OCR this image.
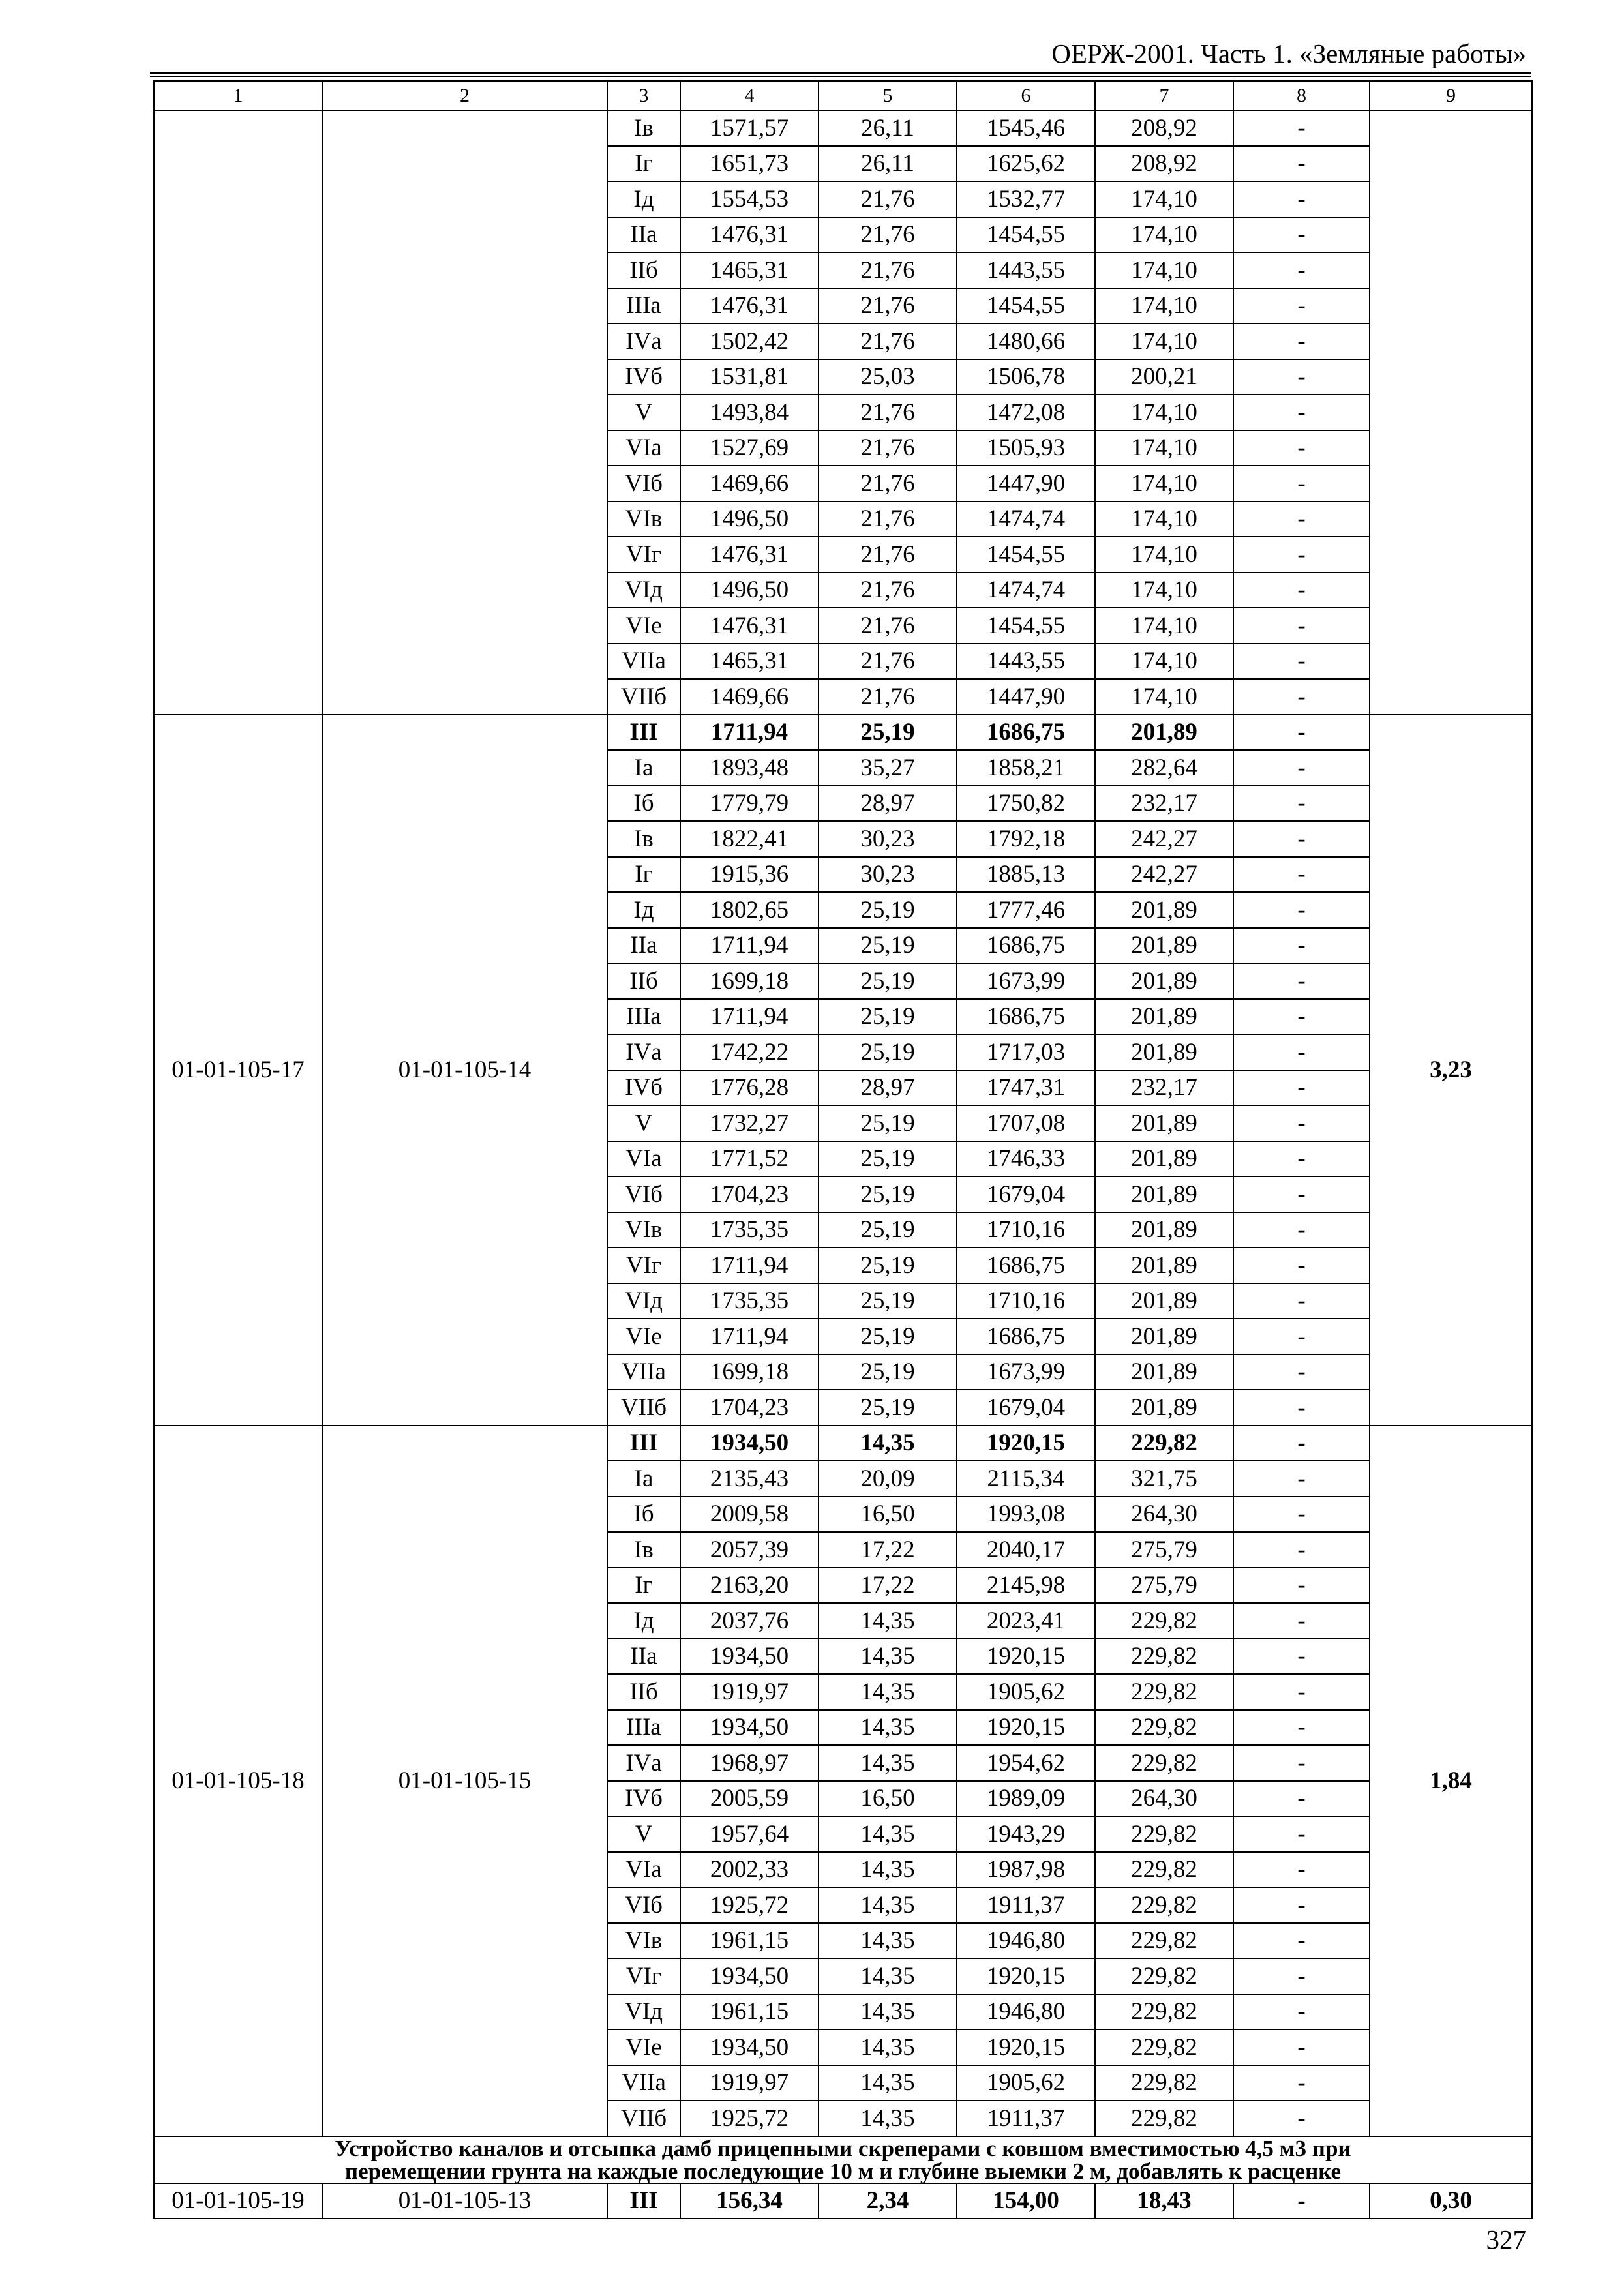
ОЕРЖ-2001. Часть 1. «Земляные работы»
1	2	3	4	5	6	7	8	9
		Iв	1571,57	26,11	1545,46	208,92	-	
		Iг	1651,73	26,11	1625,62	208,92	-	
		Iд	1554,53	21,76	1532,77	174,10	-	
		IIа	1476,31	21,76	1454,55	174,10	-	
		IIб	1465,31	21,76	1443,55	174,10	-	
		IIIа	1476,31	21,76	1454,55	174,10	-	
		IVа	1502,42	21,76	1480,66	174,10	-	
		IVб	1531,81	25,03	1506,78	200,21	-	
		V	1493,84	21,76	1472,08	174,10	-	
		VIа	1527,69	21,76	1505,93	174,10	-	
		VIб	1469,66	21,76	1447,90	174,10	-	
		VIв	1496,50	21,76	1474,74	174,10	-	
		VIг	1476,31	21,76	1454,55	174,10	-	
		VIд	1496,50	21,76	1474,74	174,10	-	
		VIе	1476,31	21,76	1454,55	174,10	-	
		VIIа	1465,31	21,76	1443,55	174,10	-	
		VIIб	1469,66	21,76	1447,90	174,10	-	
01-01-105-17	01-01-105-14	III	1711,94	25,19	1686,75	201,89	-	3,23
		Iа	1893,48	35,27	1858,21	282,64	-	
		Iб	1779,79	28,97	1750,82	232,17	-	
		Iв	1822,41	30,23	1792,18	242,27	-	
		Iг	1915,36	30,23	1885,13	242,27	-	
		Iд	1802,65	25,19	1777,46	201,89	-	
		IIа	1711,94	25,19	1686,75	201,89	-	
		IIб	1699,18	25,19	1673,99	201,89	-	
		IIIа	1711,94	25,19	1686,75	201,89	-	
		IVа	1742,22	25,19	1717,03	201,89	-	
		IVб	1776,28	28,97	1747,31	232,17	-	
		V	1732,27	25,19	1707,08	201,89	-	
		VIа	1771,52	25,19	1746,33	201,89	-	
		VIб	1704,23	25,19	1679,04	201,89	-	
		VIв	1735,35	25,19	1710,16	201,89	-	
		VIг	1711,94	25,19	1686,75	201,89	-	
		VIд	1735,35	25,19	1710,16	201,89	-	
		VIе	1711,94	25,19	1686,75	201,89	-	
		VIIа	1699,18	25,19	1673,99	201,89	-	
		VIIб	1704,23	25,19	1679,04	201,89	-	
01-01-105-18	01-01-105-15	III	1934,50	14,35	1920,15	229,82	-	1,84
		Iа	2135,43	20,09	2115,34	321,75	-	
		Iб	2009,58	16,50	1993,08	264,30	-	
		Iв	2057,39	17,22	2040,17	275,79	-	
		Iг	2163,20	17,22	2145,98	275,79	-	
		Iд	2037,76	14,35	2023,41	229,82	-	
		IIа	1934,50	14,35	1920,15	229,82	-	
		IIб	1919,97	14,35	1905,62	229,82	-	
		IIIа	1934,50	14,35	1920,15	229,82	-	
		IVа	1968,97	14,35	1954,62	229,82	-	
		IVб	2005,59	16,50	1989,09	264,30	-	
		V	1957,64	14,35	1943,29	229,82	-	
		VIа	2002,33	14,35	1987,98	229,82	-	
		VIб	1925,72	14,35	1911,37	229,82	-	
		VIв	1961,15	14,35	1946,80	229,82	-	
		VIг	1934,50	14,35	1920,15	229,82	-	
		VIд	1961,15	14,35	1946,80	229,82	-	
		VIе	1934,50	14,35	1920,15	229,82	-	
		VIIа	1919,97	14,35	1905,62	229,82	-	
		VIIб	1925,72	14,35	1911,37	229,82	-	

Устройство каналов и отсыпка дамб прицепными скреперами с ковшом вместимостью 4,5 м3 при
перемещении грунта на каждые последующие 10 м и глубине выемки 2 м, добавлять к расценке								

01-01-105-19	01-01-105-13	III	156,34	2,34	154,00	18,43	-	0,30
327
